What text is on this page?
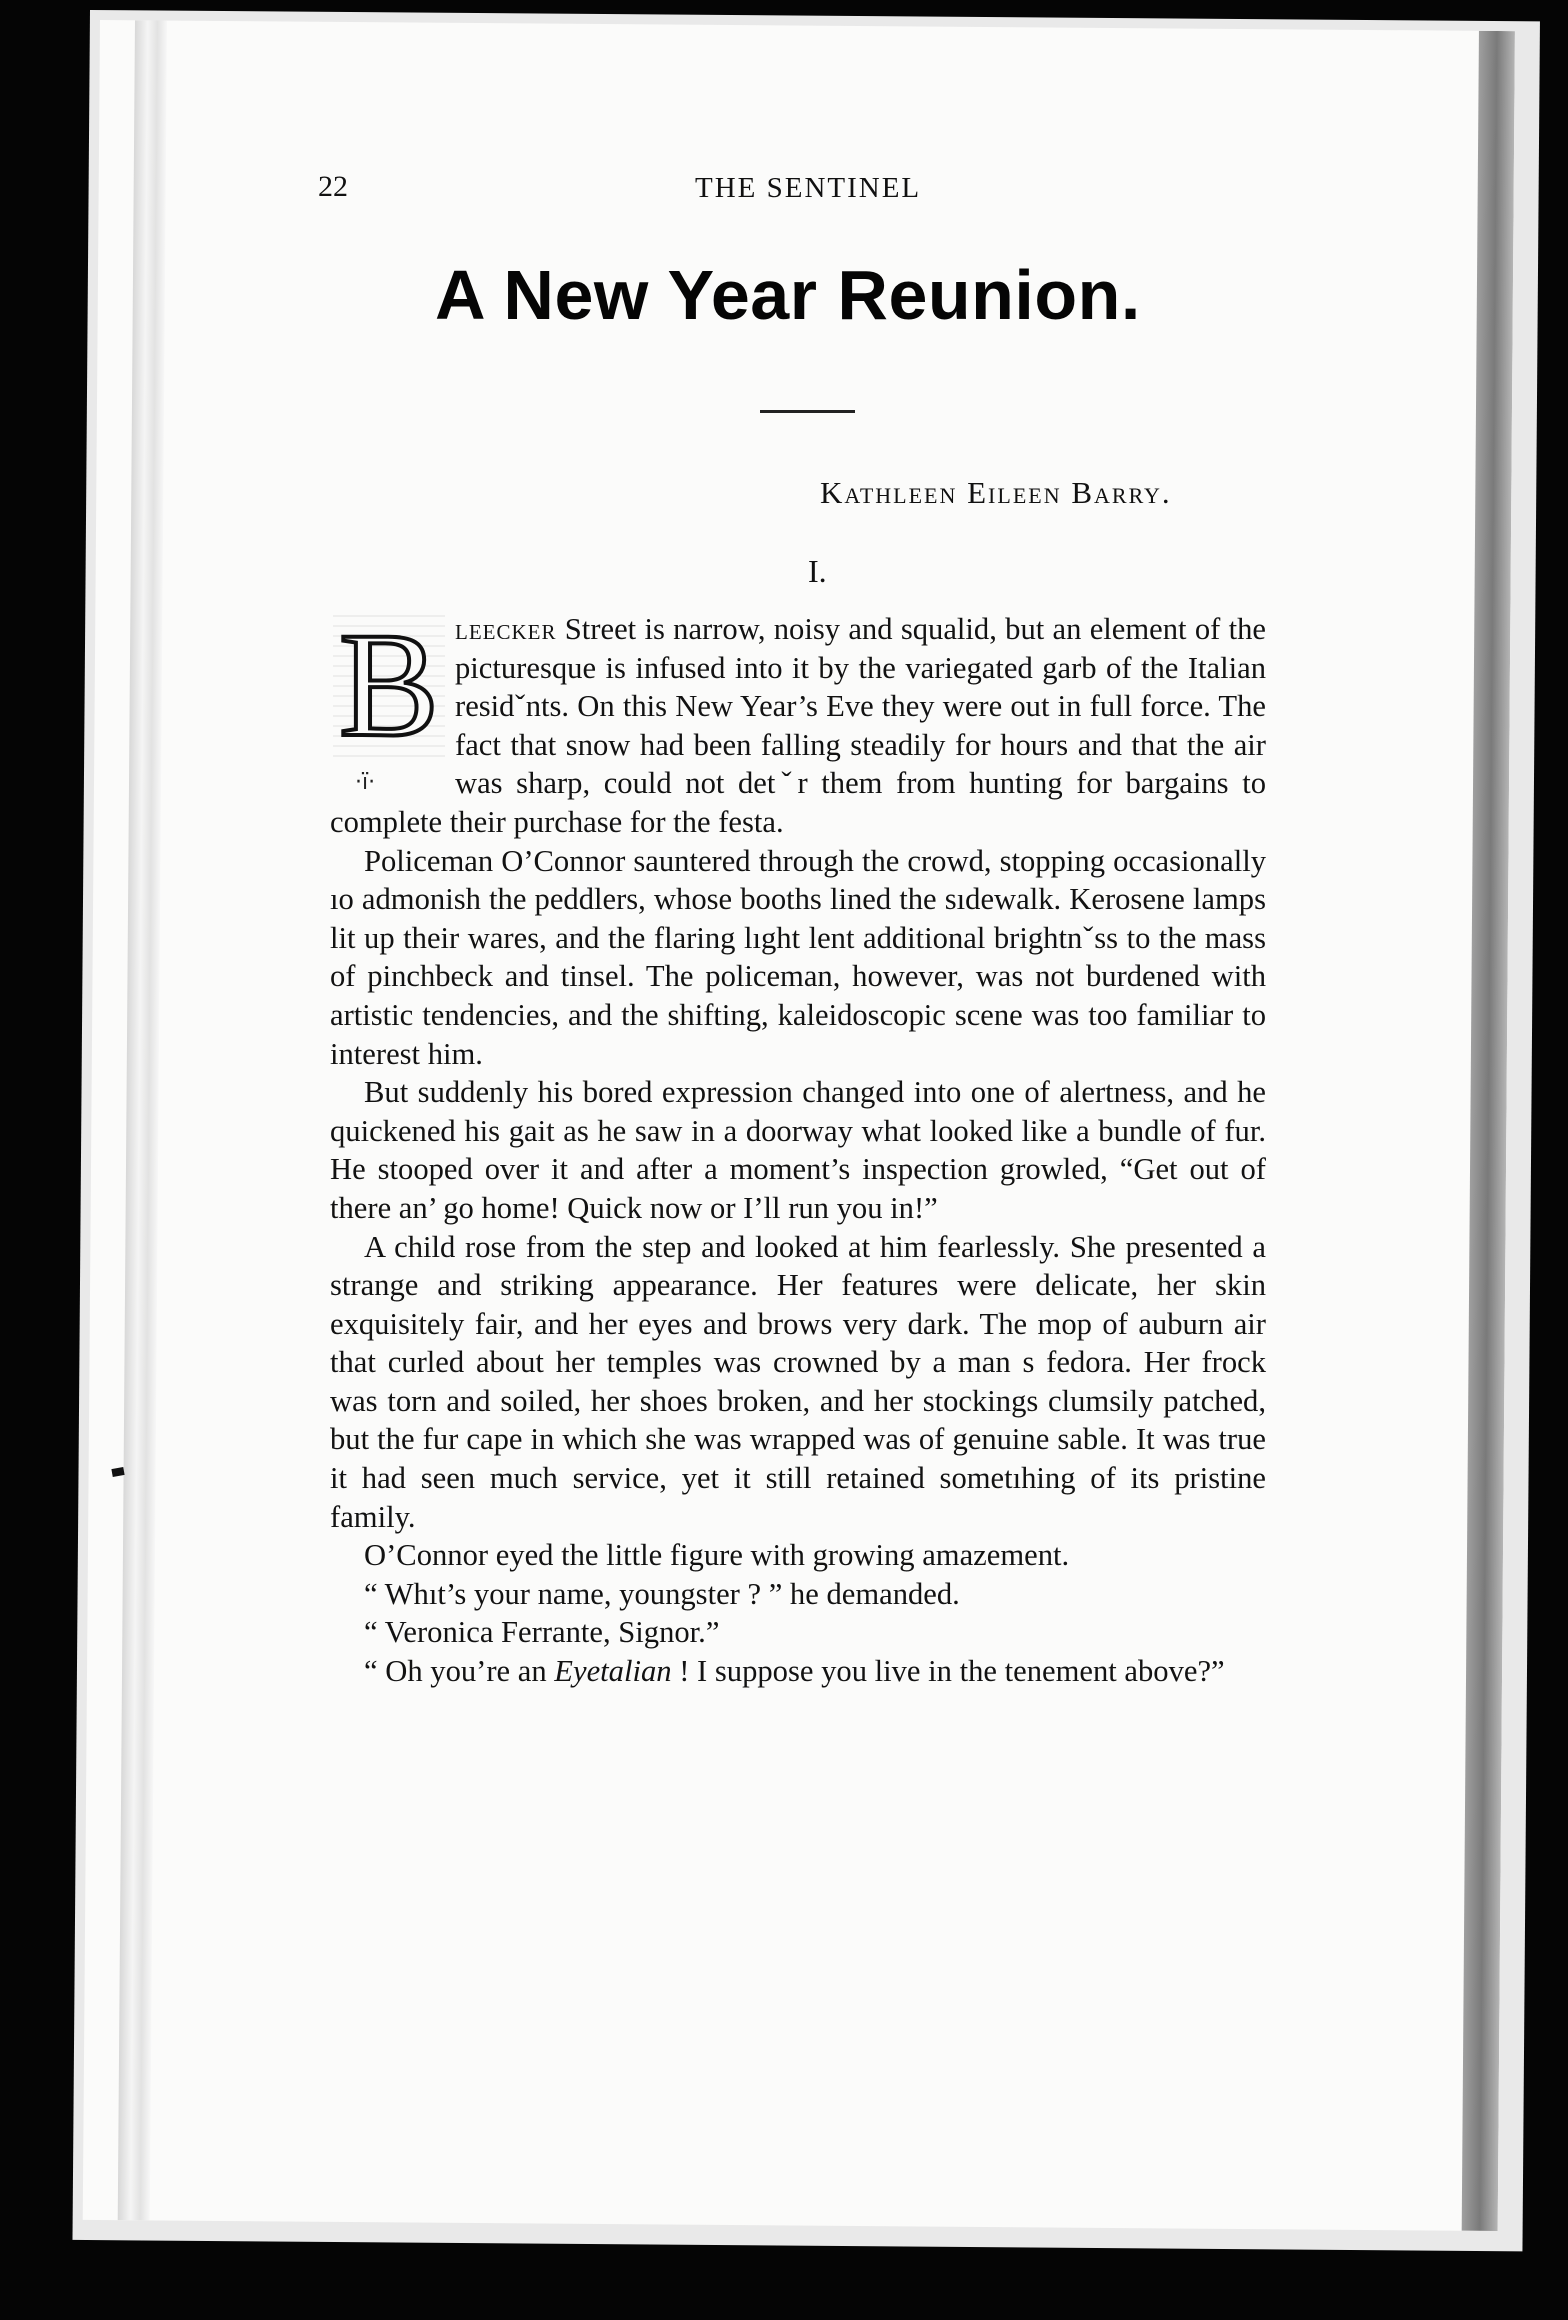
22	THE SENTINEL
A New Year Reunion.
Kathleen Eileen Barry.
I.
B
·ï·

leecker Street is narrow, noisy and squalid, but an element of the picturesque is infused into it by the variegated garb of the Italian residˇnts. On this New Year’s Eve they were out in full force. The fact that snow had been falling steadily for hours and that the air was sharp, could not detˇr them from hunting for bargains to complete their purchase for the festa.

Policeman O’Connor sauntered through the crowd, stopping occasionally ıo admonish the peddlers, whose booths lined the sıdewalk. Kerosene lamps lit up their wares, and the flaring lıght lent additional brightnˇss to the mass of pinchbeck and tinsel. The policeman, however, was not burdened with artistic tendencies, and the shifting, kaleidoscopic scene was too familiar to interest him.

But suddenly his bored expression changed into one of alertness, and he quickened his gait as he saw in a doorway what looked like a bundle of fur. He stooped over it and after a moment’s inspection growled, “Get out of there an’ go home! Quick now or I’ll run you in!”

A child rose from the step and looked at him fearlessly. She presented a strange and striking appearance. Her features were delicate, her skin exquisitely fair, and her eyes and brows very dark. The mop of auburn air that curled about her temples was crowned by a man s fedora. Her frock was torn and soiled, her shoes broken, and her stockings clumsily patched, but the fur cape in which she was wrapped was of genuine sable. It was true it had seen much service, yet it still retained sometıhing of its pristine family.

O’Connor eyed the little figure with growing amazement.

“ Whıt’s your name, youngster ? ” he demanded.

“ Veronica Ferrante, Signor.”

“ Oh you’re an Eyetalian ! I suppose you live in the tenement above?”
